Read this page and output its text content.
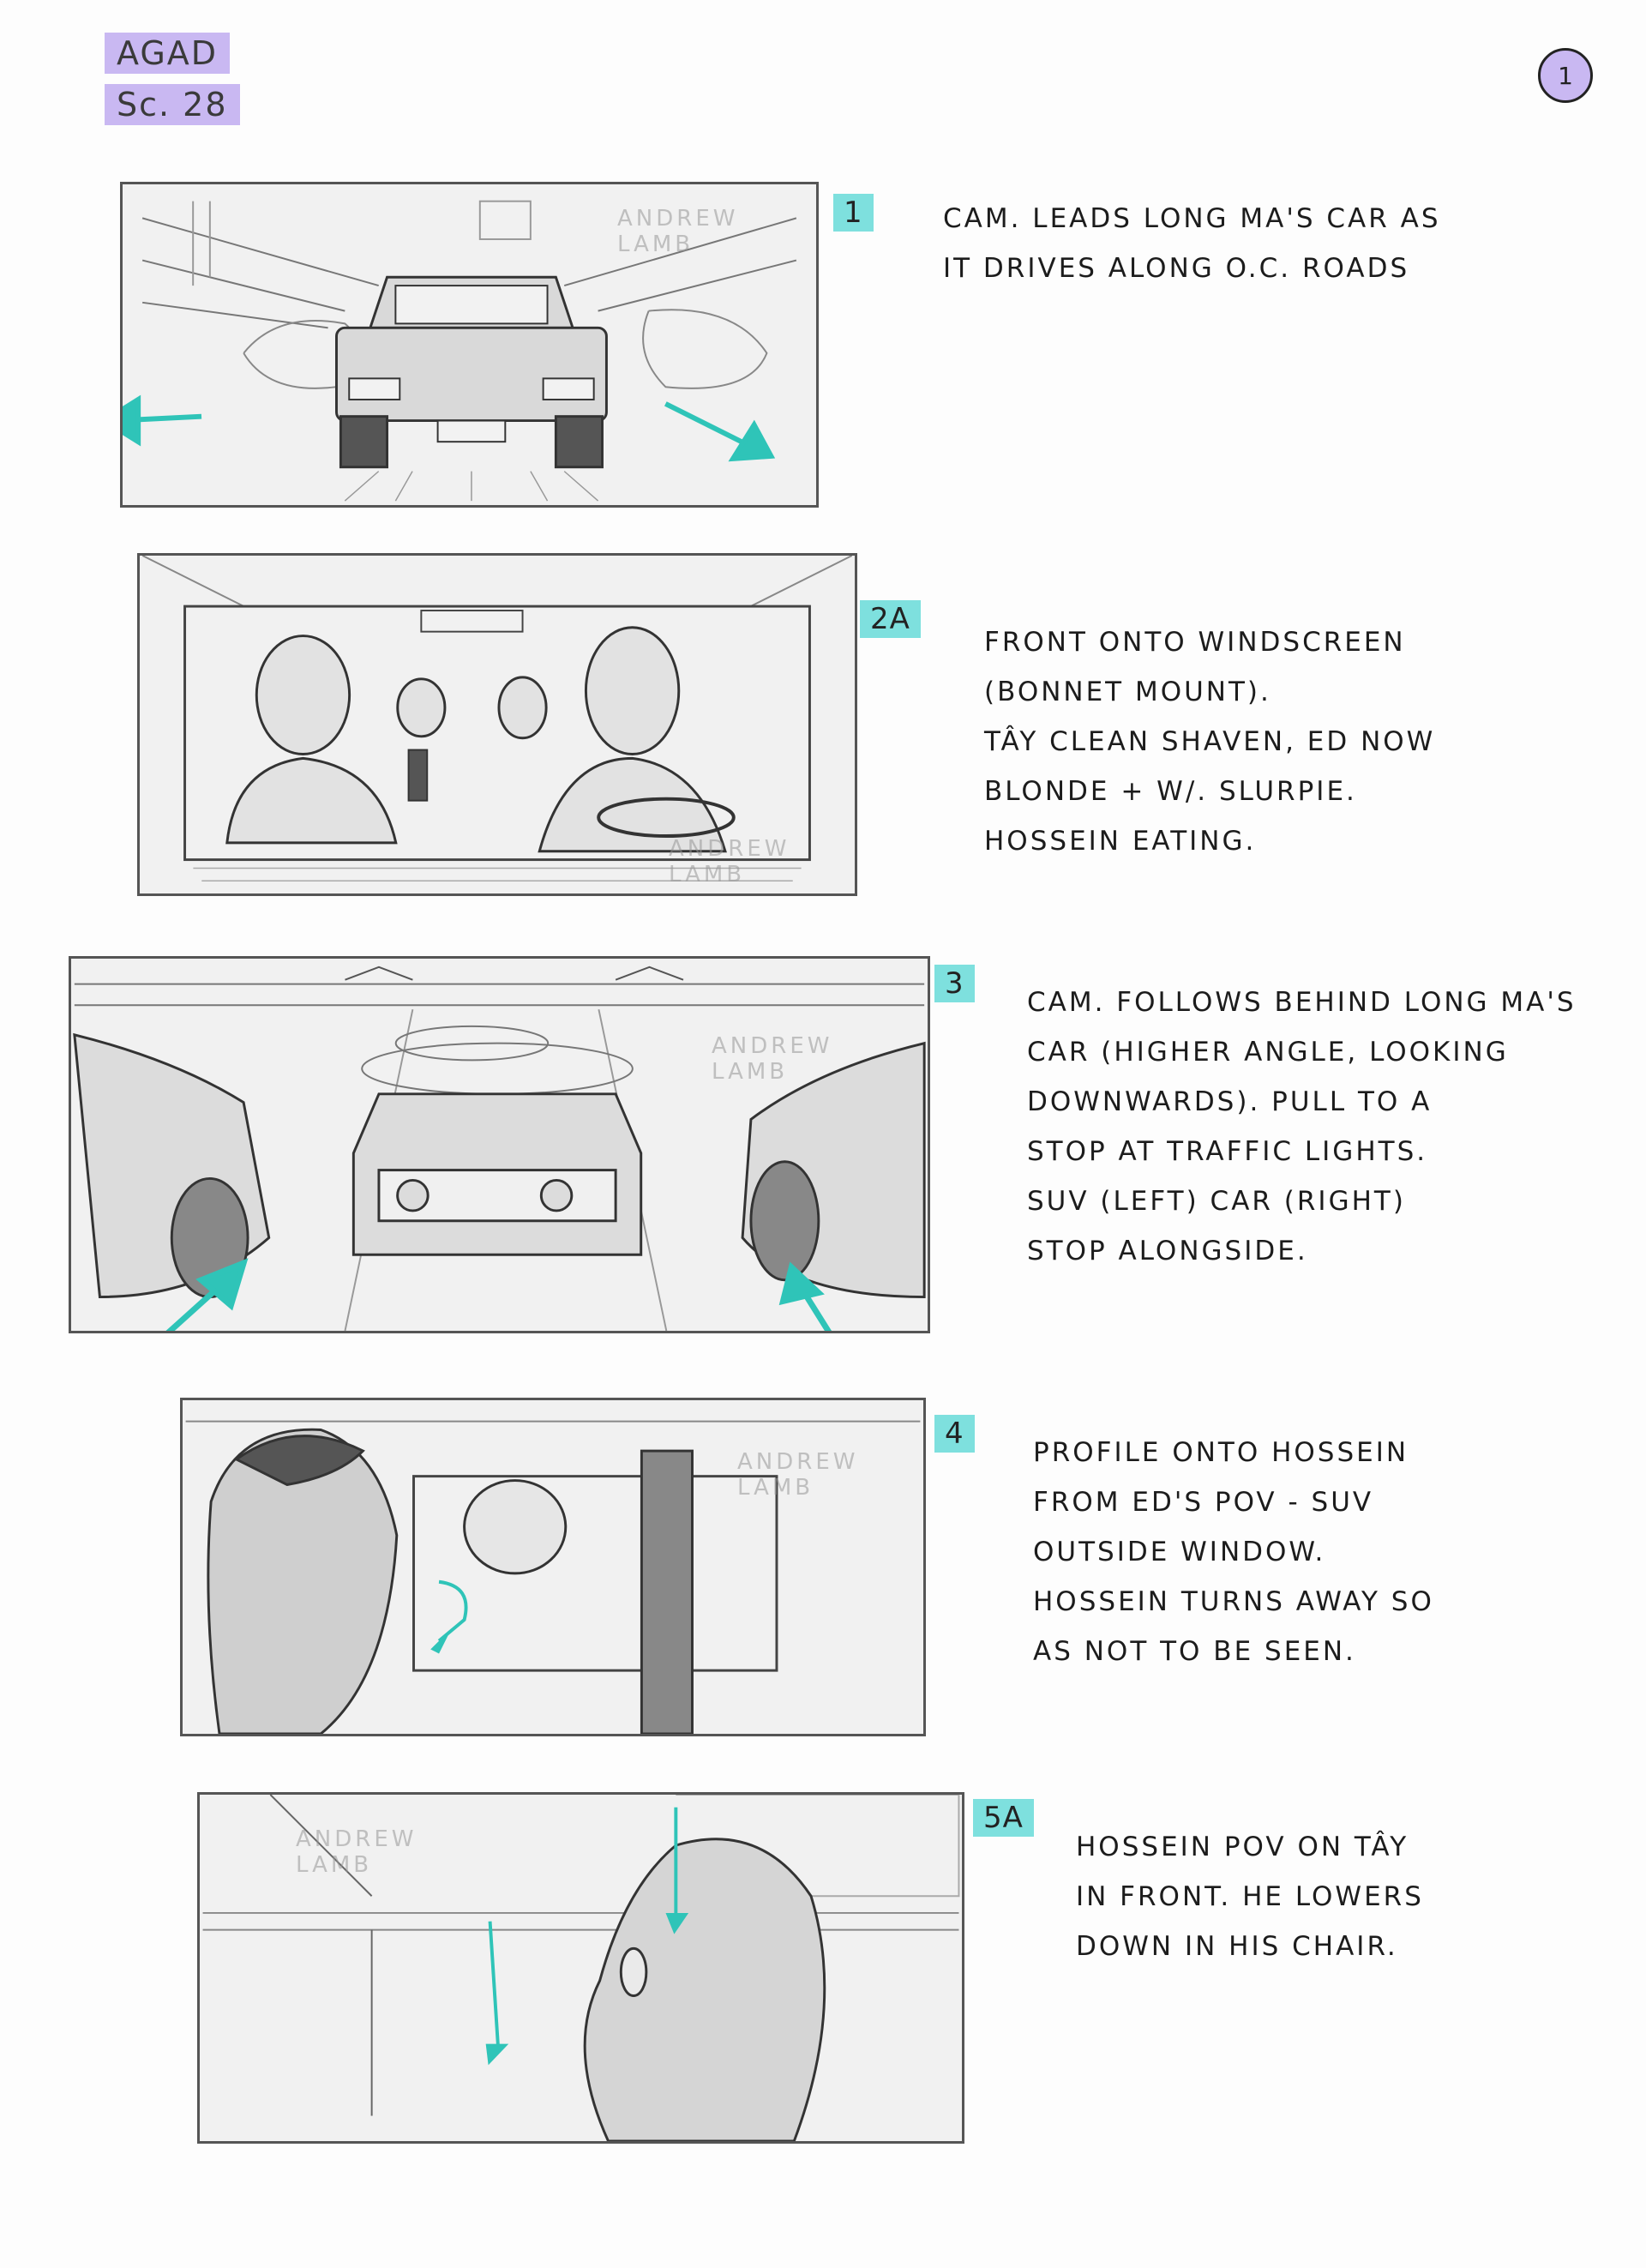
AGAD
Sc. 28
1
ANDREW
LAMB
1	CAM. LEADS LONG MA'S CAR AS
IT DRIVES ALONG O.C. ROADS
ANDREW
LAMB
2A
FRONT ONTO WINDSCREEN
(BONNET MOUNT).
TÂY CLEAN SHAVEN, ED NOW
BLONDE + W/. SLURPIE.
HOSSEIN EATING.
ANDREW
LAMB
3
CAM. FOLLOWS BEHIND LONG MA'S
CAR (HIGHER ANGLE, LOOKING
DOWNWARDS). PULL TO A
STOP AT TRAFFIC LIGHTS.
SUV (LEFT) CAR (RIGHT)
STOP ALONGSIDE.
ANDREW
LAMB
4
PROFILE ONTO HOSSEIN
FROM ED'S POV - SUV
OUTSIDE WINDOW.
HOSSEIN TURNS AWAY SO
AS NOT TO BE SEEN.
ANDREW
LAMB
5A
HOSSEIN POV ON TÂY
IN FRONT. HE LOWERS
DOWN IN HIS CHAIR.
